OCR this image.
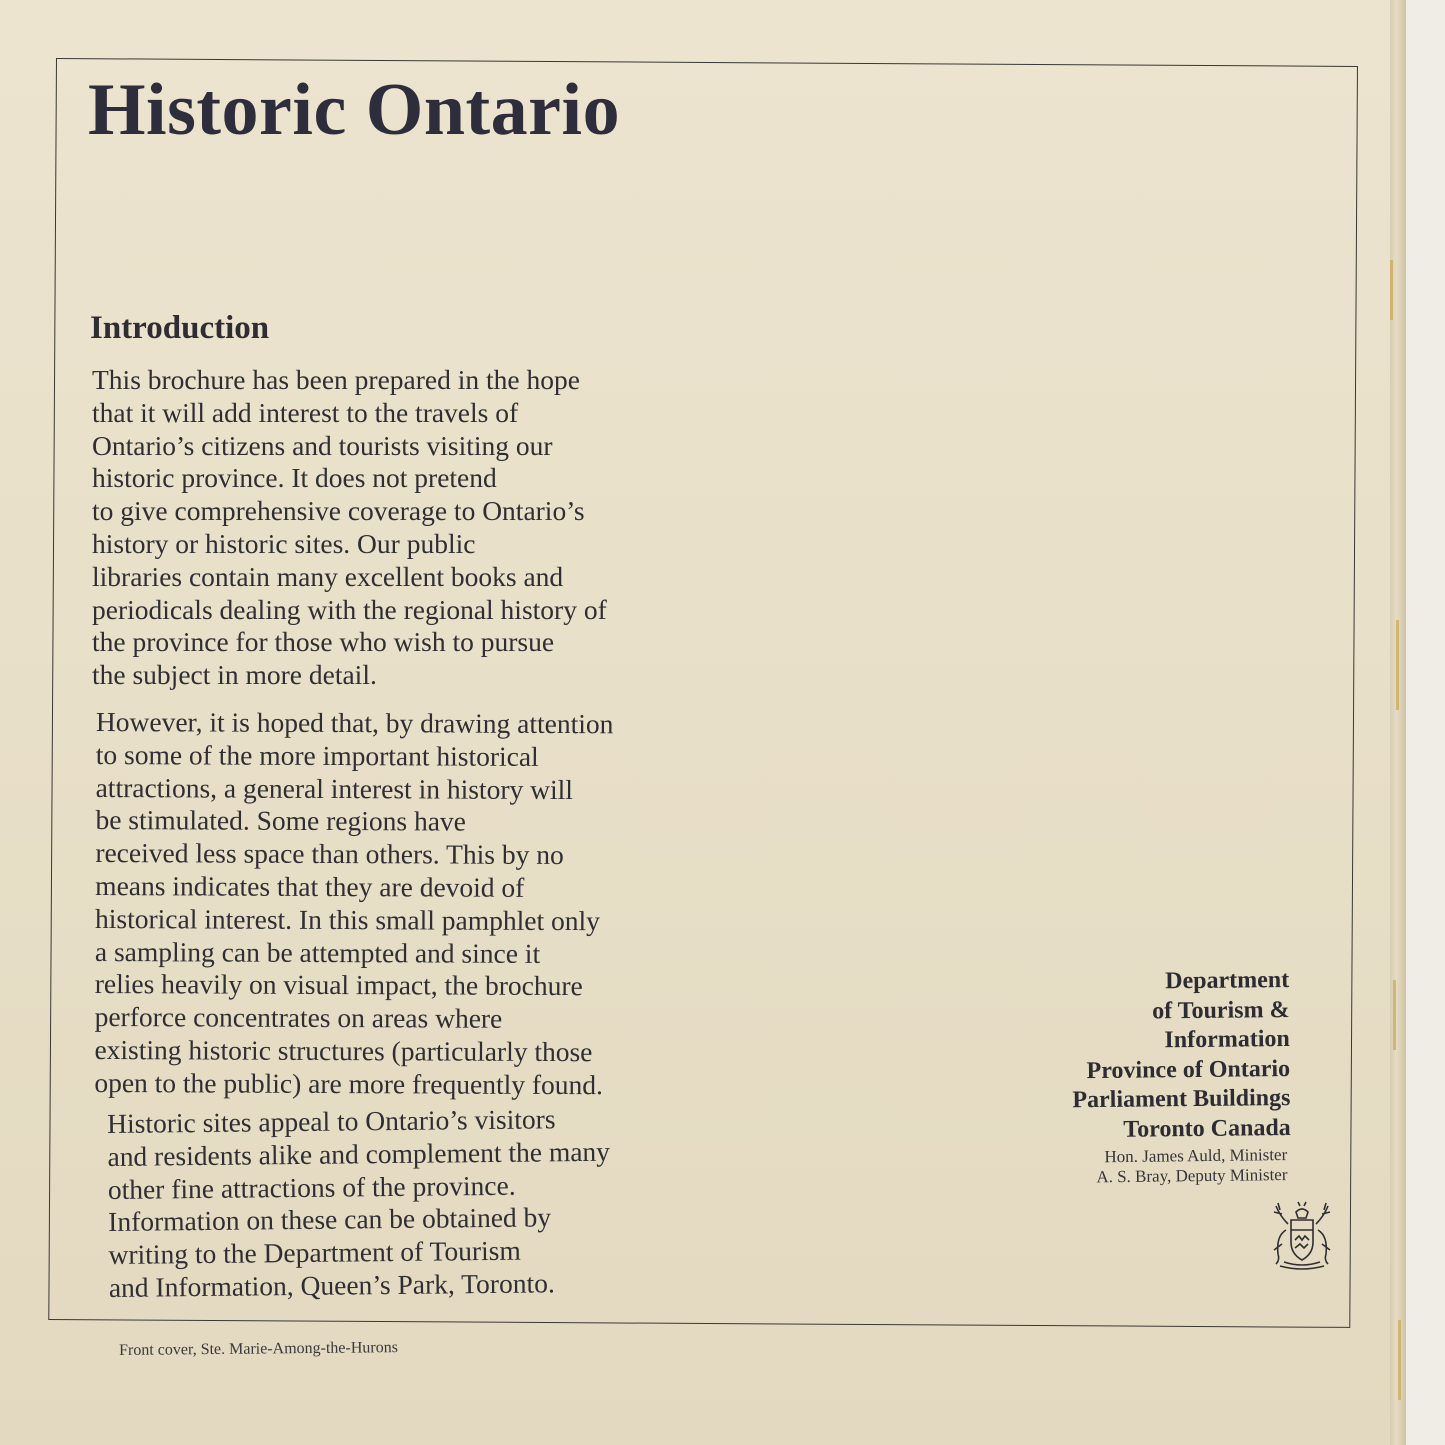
Historic Ontario
Introduction

This brochure has been prepared in the hope
that it will add interest to the travels of
Ontario’s citizens and tourists visiting our
historic province. It does not pretend
to give comprehensive coverage to Ontario’s
history or historic sites. Our public
libraries contain many excellent books and
periodicals dealing with the regional history of
the province for those who wish to pursue
the subject in more detail.

However, it is hoped that, by drawing attention
to some of the more important historical
attractions, a general interest in history will
be stimulated. Some regions have
received less space than others. This by no
means indicates that they are devoid of
historical interest. In this small pamphlet only
a sampling can be attempted and since it
relies heavily on visual impact, the brochure
perforce concentrates on areas where
existing historic structures (particularly those
open to the public) are more frequently found.

Historic sites appeal to Ontario’s visitors
and residents alike and complement the many
other fine attractions of the province.
Information on these can be obtained by
writing to the Department of Tourism
and Information, Queen’s Park, Toronto.

Department
of Tourism &
Information
Province of Ontario
Parliament Buildings
Toronto Canada
Hon. James Auld, Minister
A. S. Bray, Deputy Minister

Front cover, Ste. Marie-Among-the-Hurons
